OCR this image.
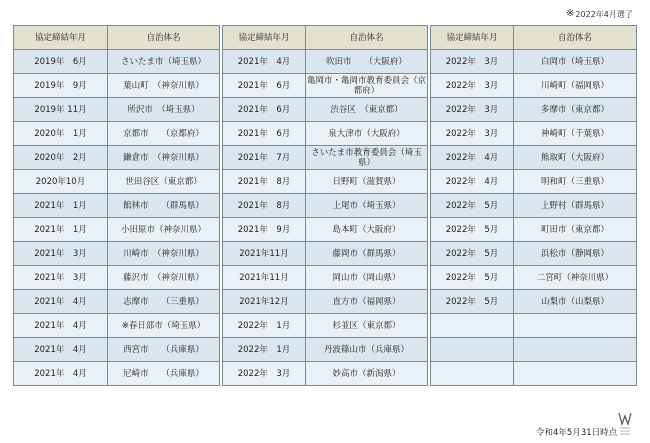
※2022年4月選了
協定締結年月	自治体名
2019年　6月	さいたま市（埼玉県）
2019年　9月	葉山町　（神奈川県）
2019年 11月	所沢市　（埼玉県）
2020年　1月	京都市　　（京都府）
2020年　2月	鎌倉市　（神奈川県）
2020年10月	世田谷区（東京都）
2021年　1月	館林市　　（群馬県）
2021年　1月	小田原市（神奈川県）
2021年　3月	川崎市　（神奈川県）
2021年　3月	藤沢市　（神奈川県）
2021年　4月	志摩市　　（三重県）
2021年　4月	※春日部市（埼玉県）
2021年　4月	西宮市　　（兵庫県）
2021年　4月	尼崎市　　（兵庫県）
協定締結年月	自治体名
2021年　4月	吹田市　　（大阪府）
2021年　6月	亀岡市・亀岡市教育委員会（京都府）
2021年　6月	渋谷区　（東京都）
2021年　6月	泉大津市（大阪府）
2021年　7月	さいたま市教育委員会（埼玉県）
2021年　8月	日野町（滋賀県）
2021年　8月	上尾市（埼玉県）
2021年　9月	島本町（大阪府）
2021年11月	藤岡市（群馬県）
2021年11月	岡山市（岡山県）
2021年12月	直方市（福岡県）
2022年　1月	杉並区（東京都）
2022年　1月	丹波篠山市（兵庫県）
2022年　3月	妙高市（新潟県）
協定締結年月	自治体名
2022年　3月	白岡市（埼玉県）
2022年　3月	川崎町（福岡県）
2022年　3月	多摩市（東京都）
2022年　3月	神崎町（千葉県）
2022年　4月	熊取町（大阪府）
2022年　4月	明和町（三重県）
2022年　5月	上野村（群馬県）
2022年　5月	町田市（東京都）
2022年　5月	浜松市（静岡県）
2022年　5月	二宮町（神奈川県）
2022年　5月	山梨市（山梨県）

令和4年5月31日時点
